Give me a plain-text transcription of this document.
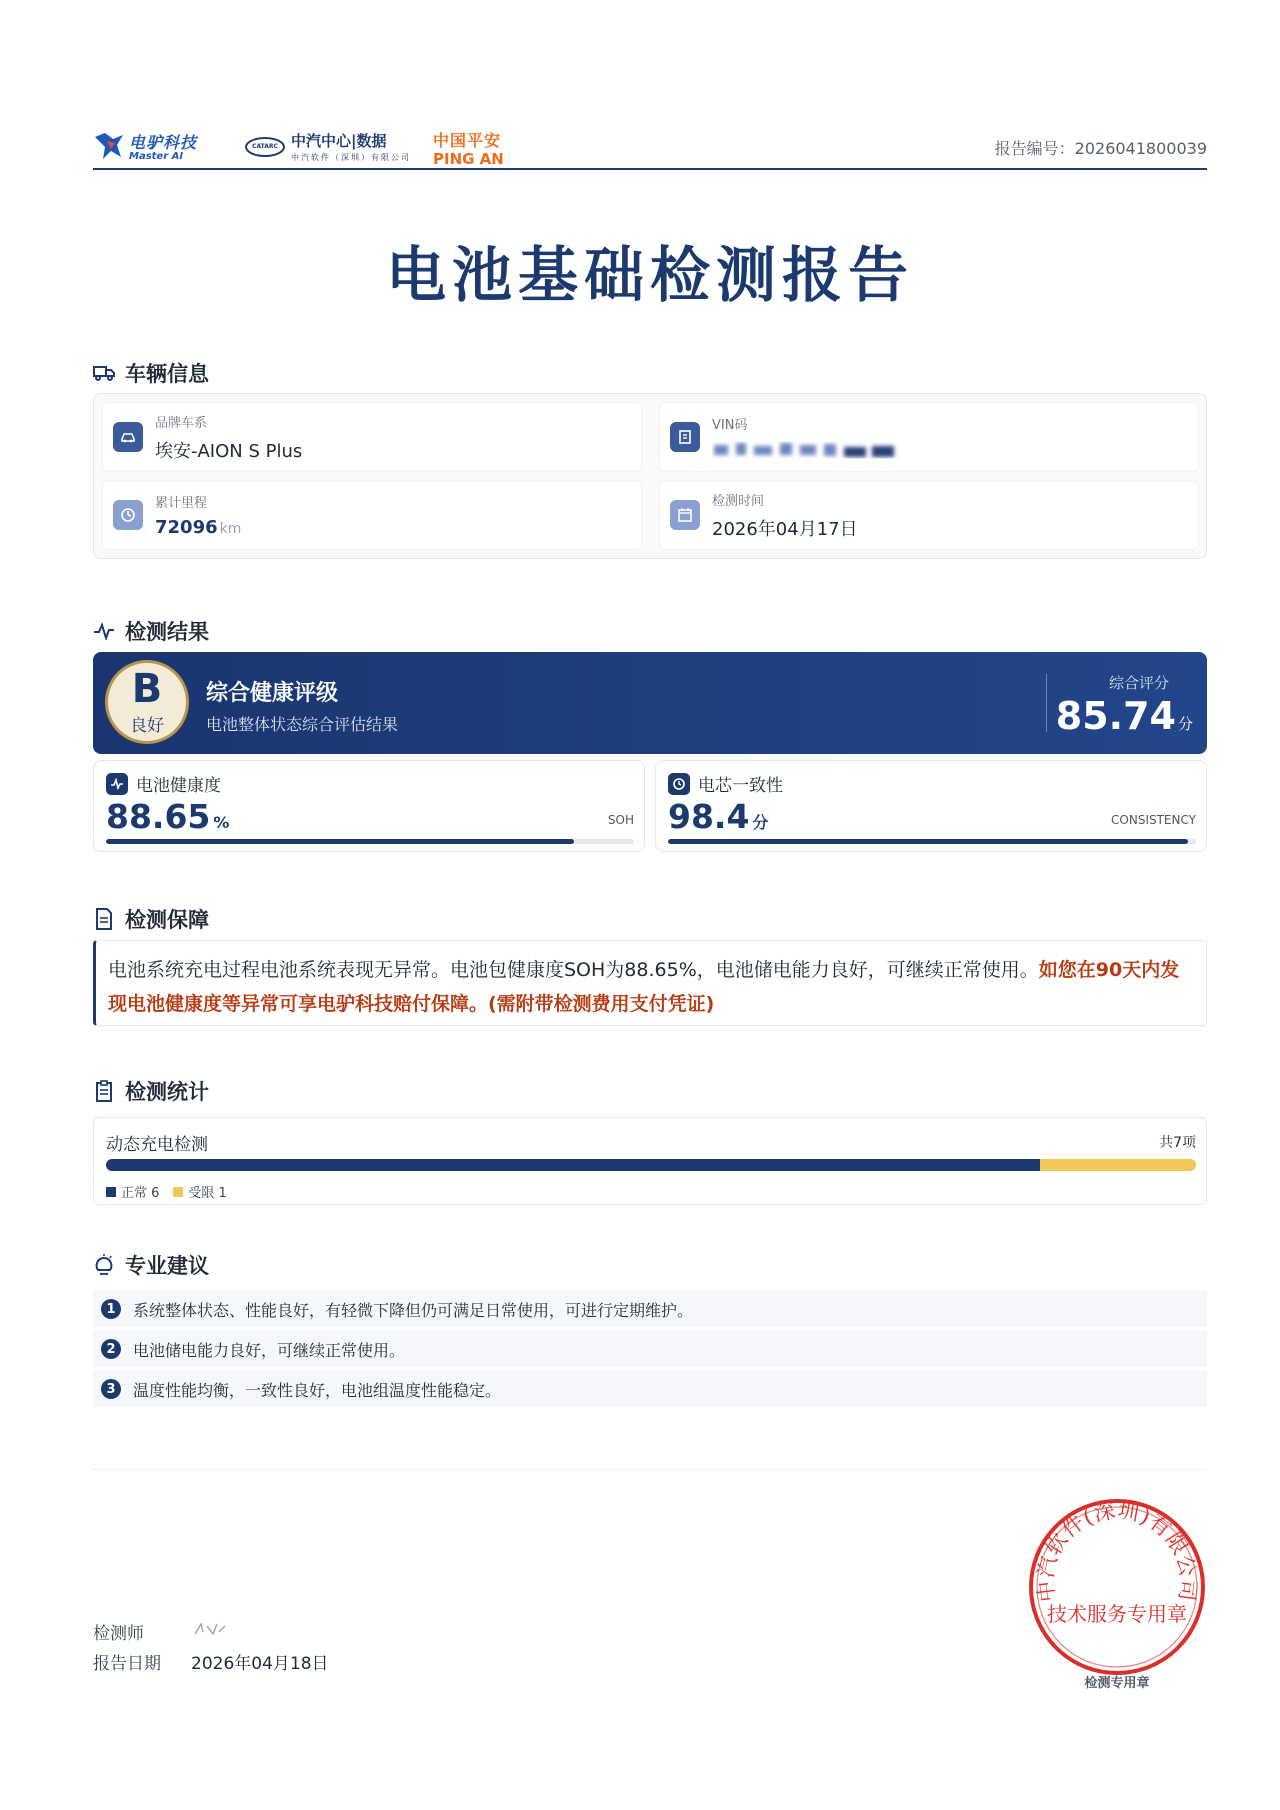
电驴科技
Master AI
CATARC 中汽中心|数据
中汽软件（深圳）有限公司
中国平安
PING AN
报告编号：2026041800039
电池基础检测报告
车辆信息
品牌车系
埃安-AION S Plus
VIN码
累计里程
72096 km
检测时间
2026年04月17日
检测结果
B
良好
综合健康评级
电池整体状态综合评估结果
综合评分
85.74 分
电池健康度
88.65 %	SOH
电芯一致性
98.4 分	CONSISTENCY
检测保障
电池系统充电过程电池系统表现无异常。电池包健康度SOH为88.65%，电池储电能力良好，可继续正常使用。如您在90天内发现电池健康度等异常可享电驴科技赔付保障。(需附带检测费用支付凭证)
检测统计
动态充电检测	共7项
正常 6 受限 1
专业建议
1	系统整体状态、性能良好，有轻微下降但仍可满足日常使用，可进行定期维护。
2	电池储电能力良好，可继续正常使用。
3	温度性能均衡，一致性良好，电池组温度性能稳定。
检测师
报告日期	2026年04月18日
中汽软件(深圳)有限公司
技术服务专用章
检测专用章
